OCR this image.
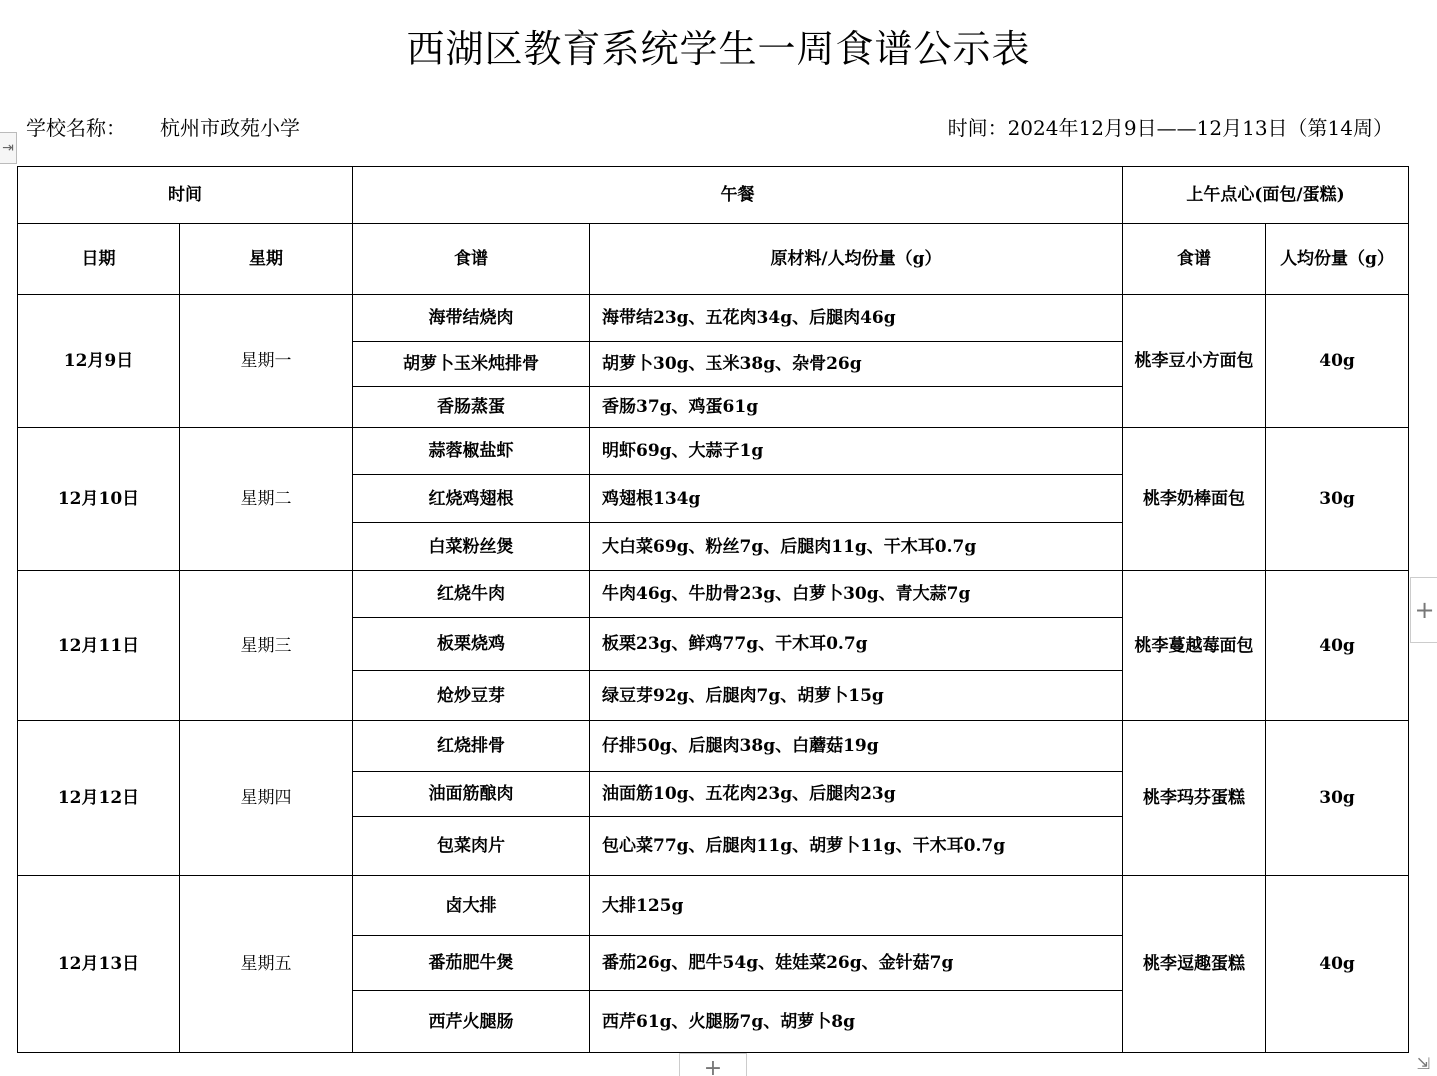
西湖区教育系统学生一周食谱公示表
学校名称： 杭州市政苑小学	时间：2024年12月9日——12月13日（第14周）
⇥
时间		午餐		上午点心(面包/蛋糕)	
日期	星期	食谱	原材料/人均份量（g）	食谱	人均份量（g）
12月9日	星期一	海带结烧肉	海带结23g、五花肉34g、后腿肉46g	桃李豆小方面包	40g
		胡萝卜玉米炖排骨	胡萝卜30g、玉米38g、杂骨26g		
		香肠蒸蛋	香肠37g、鸡蛋61g		
12月10日	星期二	蒜蓉椒盐虾	明虾69g、大蒜子1g	桃李奶棒面包	30g
		红烧鸡翅根	鸡翅根134g		
		白菜粉丝煲	大白菜69g、粉丝7g、后腿肉11g、干木耳0.7g		
12月11日	星期三	红烧牛肉	牛肉46g、牛肋骨23g、白萝卜30g、青大蒜7g	桃李蔓越莓面包	40g
		板栗烧鸡	板栗23g、鲜鸡77g、干木耳0.7g		
		炝炒豆芽	绿豆芽92g、后腿肉7g、胡萝卜15g		
12月12日	星期四	红烧排骨	仔排50g、后腿肉38g、白蘑菇19g	桃李玛芬蛋糕	30g
		油面筋酿肉	油面筋10g、五花肉23g、后腿肉23g		
		包菜肉片	包心菜77g、后腿肉11g、胡萝卜11g、干木耳0.7g		
12月13日	星期五	卤大排	大排125g	桃李逗趣蛋糕	40g
		番茄肥牛煲	番茄26g、肥牛54g、娃娃菜26g、金针菇7g		
		西芹火腿肠	西芹61g、火腿肠7g、胡萝卜8g		
+
+	⇲
